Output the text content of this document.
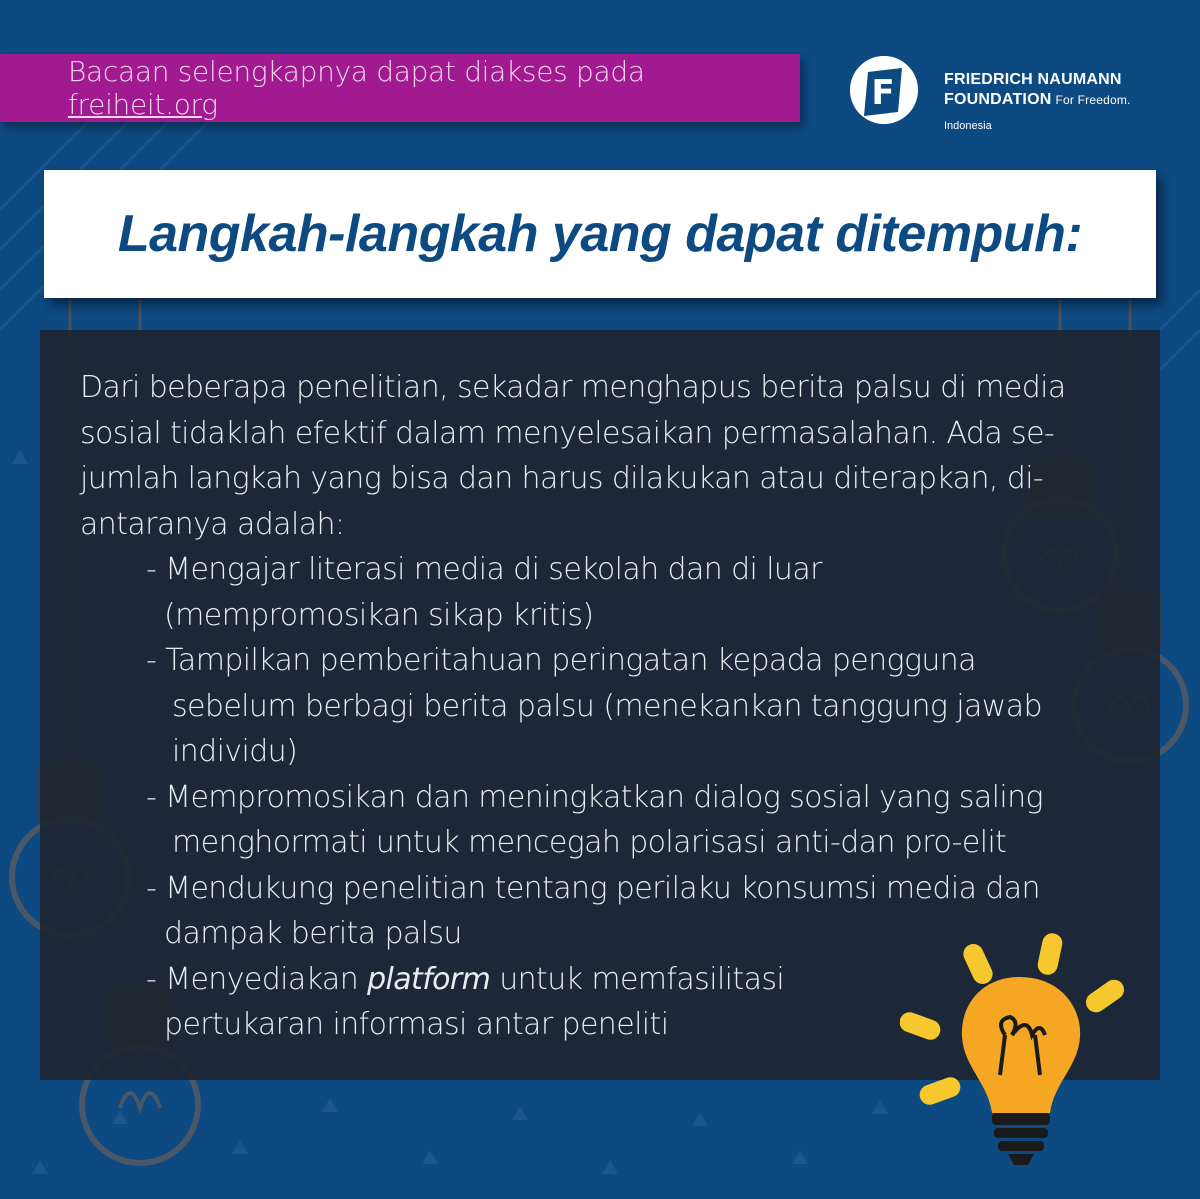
Bacaan selengkapnya dapat diakses pada freiheit.org	F	FRIEDRICH NAUMANN
FOUNDATION For Freedom.
Indonesia
Langkah-langkah yang dapat ditempuh:
Dari beberapa penelitian, sekadar menghapus berita palsu di media
sosial tidaklah efektif dalam menyelesaikan permasalahan. Ada se-
jumlah langkah yang bisa dan harus dilakukan atau diterapkan, di-
antaranya adalah:
- Mengajar literasi media di sekolah dan di luar
(mempromosikan sikap kritis)
- Tampilkan pemberitahuan peringatan kepada pengguna
sebelum berbagi berita palsu (menekankan tanggung jawab
individu)
- Mempromosikan dan meningkatkan dialog sosial yang saling
menghormati untuk mencegah polarisasi anti-dan pro-elit
- Mendukung penelitian tentang perilaku konsumsi media dan
dampak berita palsu
- Menyediakan platform untuk memfasilitasi
pertukaran informasi antar peneliti
